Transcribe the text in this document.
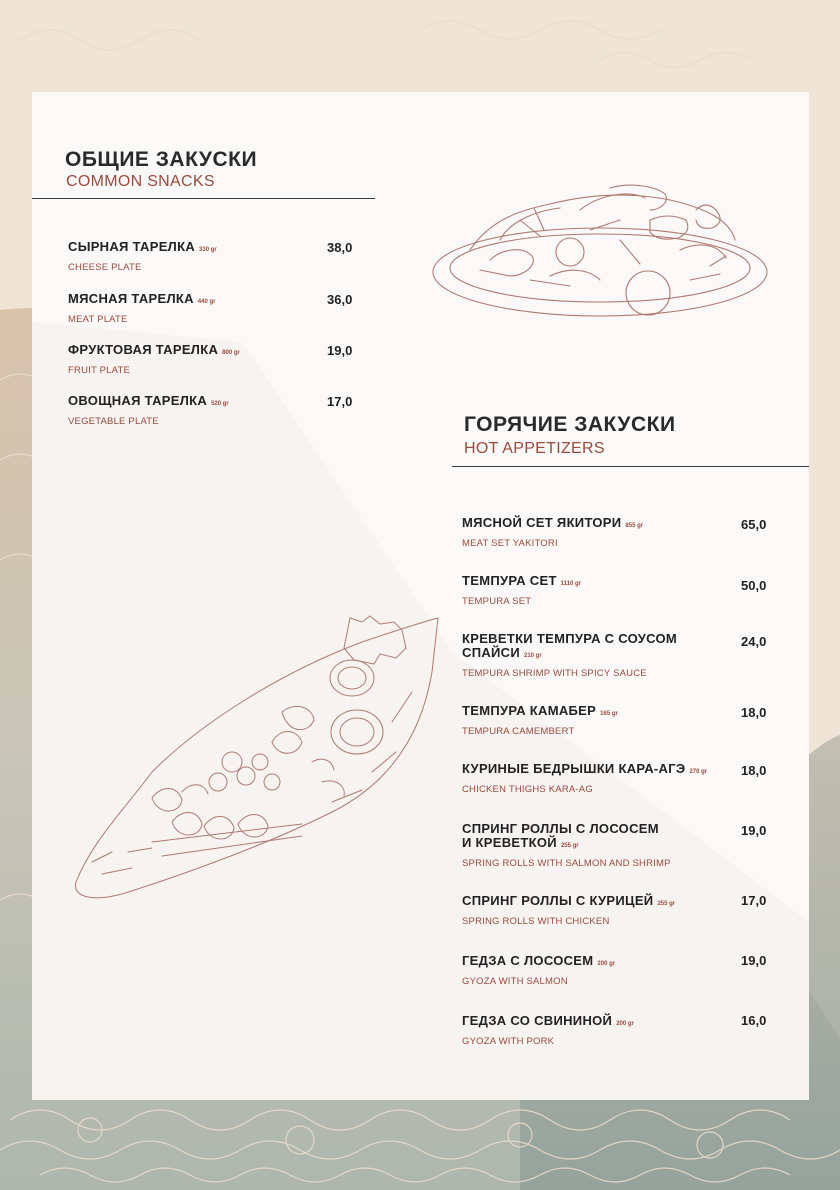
ОБЩИЕ ЗАКУСКИ
COMMON SNACKS
СЫРНАЯ ТАРЕЛКА 330 gr
CHEESE PLATE
38,0
МЯСНАЯ ТАРЕЛКА 440 gr
MEAT PLATE
36,0
ФРУКТОВАЯ ТАРЕЛКА 800 gr
FRUIT PLATE
19,0
ОВОЩНАЯ ТАРЕЛКА 520 gr
VEGETABLE PLATE
17,0
ГОРЯЧИЕ ЗАКУСКИ
HOT APPETIZERS
МЯСНОЙ СЕТ ЯКИТОРИ 855 gr
MEAT SET YAKITORI
65,0
ТЕМПУРА СЕТ 1110 gr
TEMPURA SET
50,0
КРЕВЕТКИ ТЕМПУРА С СОУСОМ
СПАЙСИ 210 gr
TEMPURA SHRIMP WITH SPICY SAUCE
24,0
ТЕМПУРА КАМАБЕР 165 gr
TEMPURA CAMEMBERT
18,0
КУРИНЫЕ БЕДРЫШКИ КАРА-АГЭ 270 gr
CHICKEN THIGHS KARA-AG
18,0
СПРИНГ РОЛЛЫ С ЛОСОСЕМ
И КРЕВЕТКОЙ 255 gr
SPRING ROLLS WITH SALMON AND SHRIMP
19,0
СПРИНГ РОЛЛЫ С КУРИЦЕЙ 255 gr
SPRING ROLLS WITH CHICKEN
17,0
ГЕДЗА С ЛОСОСЕМ 200 gr
GYOZA WITH SALMON
19,0
ГЕДЗА СО СВИНИНОЙ 200 gr
GYOZA WITH PORK
16,0
